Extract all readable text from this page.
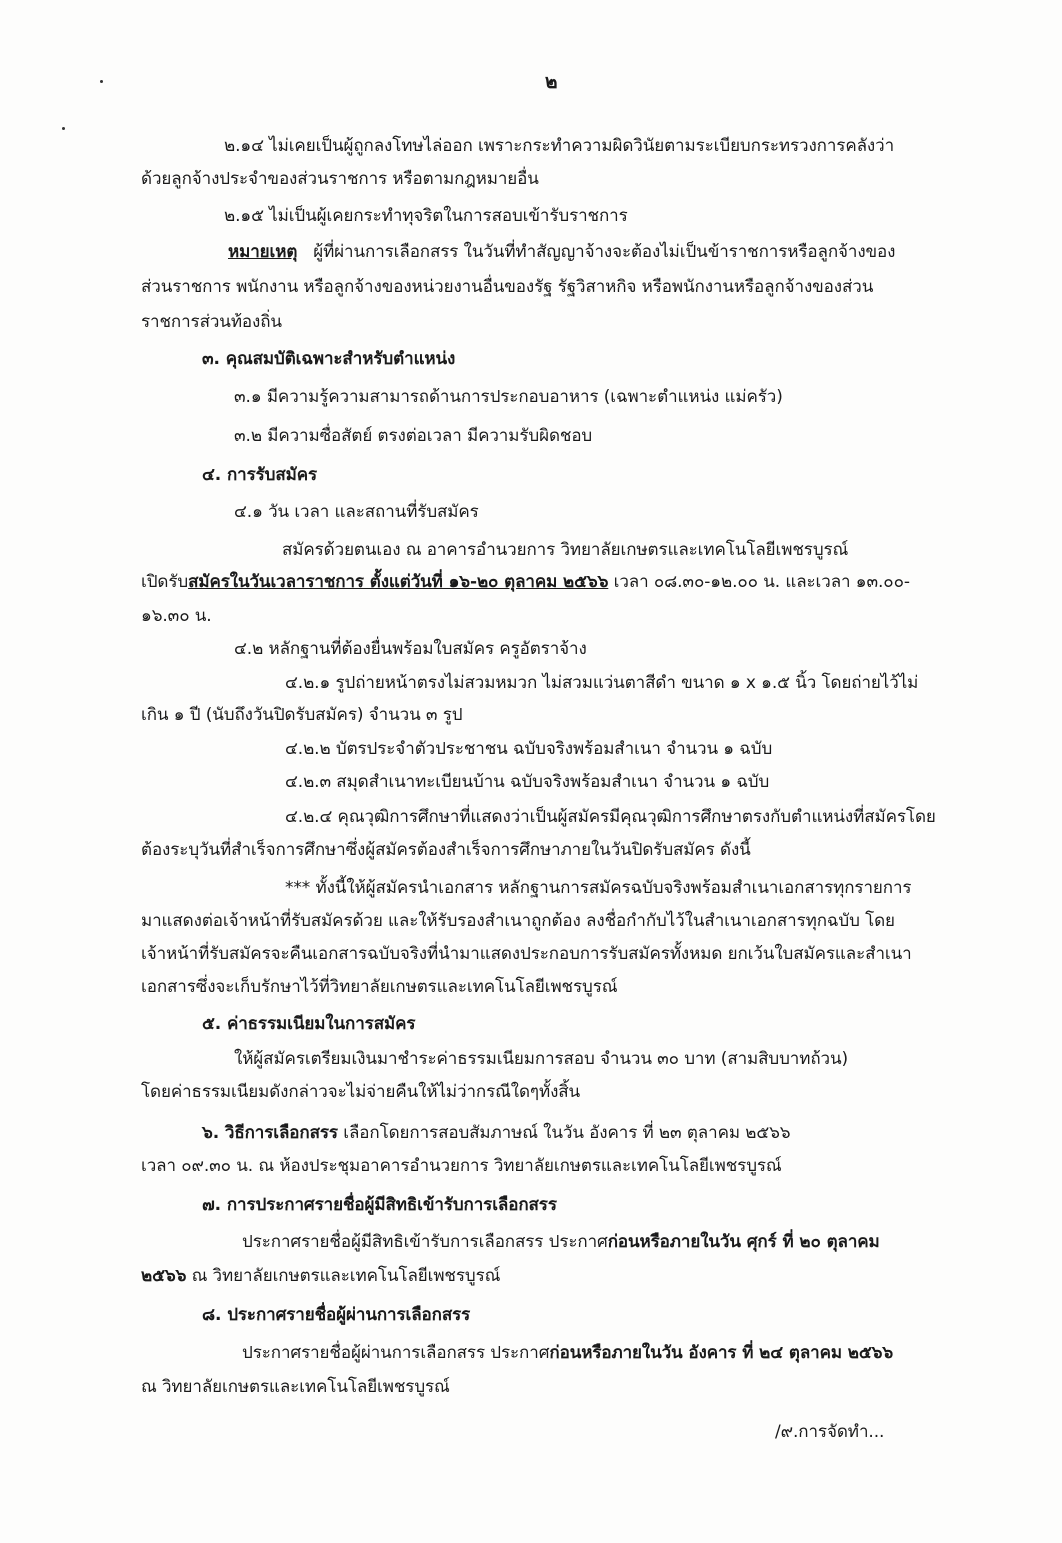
๒
๒.๑๔ ไม่เคยเป็นผู้ถูกลงโทษไล่ออก เพราะกระทำความผิดวินัยตามระเบียบกระทรวงการคลังว่า
ด้วยลูกจ้างประจำของส่วนราชการ หรือตามกฎหมายอื่น
๒.๑๕ ไม่เป็นผู้เคยกระทำทุจริตในการสอบเข้ารับราชการ
หมายเหตุ ผู้ที่ผ่านการเลือกสรร ในวันที่ทำสัญญาจ้างจะต้องไม่เป็นข้าราชการหรือลูกจ้างของ
ส่วนราชการ พนักงาน หรือลูกจ้างของหน่วยงานอื่นของรัฐ รัฐวิสาหกิจ หรือพนักงานหรือลูกจ้างของส่วน
ราชการส่วนท้องถิ่น
๓. คุณสมบัติเฉพาะสำหรับตำแหน่ง
๓.๑ มีความรู้ความสามารถด้านการประกอบอาหาร (เฉพาะตำแหน่ง แม่ครัว)
๓.๒ มีความซื่อสัตย์ ตรงต่อเวลา มีความรับผิดชอบ
๔. การรับสมัคร
๔.๑ วัน เวลา และสถานที่รับสมัคร
สมัครด้วยตนเอง ณ อาคารอำนวยการ วิทยาลัยเกษตรและเทคโนโลยีเพชรบูรณ์
เปิดรับสมัครในวันเวลาราชการ ตั้งแต่วันที่ ๑๖-๒๐ ตุลาคม ๒๕๖๖ เวลา ๐๘.๓๐-๑๒.๐๐ น. และเวลา ๑๓.๐๐-
๑๖.๓๐ น.
๔.๒ หลักฐานที่ต้องยื่นพร้อมใบสมัคร ครูอัตราจ้าง
๔.๒.๑ รูปถ่ายหน้าตรงไม่สวมหมวก ไม่สวมแว่นตาสีดำ ขนาด ๑ x ๑.๕ นิ้ว โดยถ่ายไว้ไม่
เกิน ๑ ปี (นับถึงวันปิดรับสมัคร) จำนวน ๓ รูป
๔.๒.๒ บัตรประจำตัวประชาชน ฉบับจริงพร้อมสำเนา จำนวน ๑ ฉบับ
๔.๒.๓ สมุดสำเนาทะเบียนบ้าน ฉบับจริงพร้อมสำเนา จำนวน ๑ ฉบับ
๔.๒.๔ คุณวุฒิการศึกษาที่แสดงว่าเป็นผู้สมัครมีคุณวุฒิการศึกษาตรงกับตำแหน่งที่สมัครโดย
ต้องระบุวันที่สำเร็จการศึกษาซึ่งผู้สมัครต้องสำเร็จการศึกษาภายในวันปิดรับสมัคร ดังนี้
*** ทั้งนี้ให้ผู้สมัครนำเอกสาร หลักฐานการสมัครฉบับจริงพร้อมสำเนาเอกสารทุกรายการ
มาแสดงต่อเจ้าหน้าที่รับสมัครด้วย และให้รับรองสำเนาถูกต้อง ลงชื่อกำกับไว้ในสำเนาเอกสารทุกฉบับ โดย
เจ้าหน้าที่รับสมัครจะคืนเอกสารฉบับจริงที่นำมาแสดงประกอบการรับสมัครทั้งหมด ยกเว้นใบสมัครและสำเนา
เอกสารซึ่งจะเก็บรักษาไว้ที่วิทยาลัยเกษตรและเทคโนโลยีเพชรบูรณ์
๕. ค่าธรรมเนียมในการสมัคร
ให้ผู้สมัครเตรียมเงินมาชำระค่าธรรมเนียมการสอบ จำนวน ๓๐ บาท (สามสิบบาทถ้วน)
โดยค่าธรรมเนียมดังกล่าวจะไม่จ่ายคืนให้ไม่ว่ากรณีใดๆทั้งสิ้น
๖. วิธีการเลือกสรร เลือกโดยการสอบสัมภาษณ์ ในวัน อังคาร ที่ ๒๓ ตุลาคม ๒๕๖๖
เวลา ๐๙.๓๐ น. ณ ห้องประชุมอาคารอำนวยการ วิทยาลัยเกษตรและเทคโนโลยีเพชรบูรณ์
๗. การประกาศรายชื่อผู้มีสิทธิเข้ารับการเลือกสรร
ประกาศรายชื่อผู้มีสิทธิเข้ารับการเลือกสรร ประกาศก่อนหรือภายในวัน ศุกร์ ที่ ๒๐ ตุลาคม
๒๕๖๖ ณ วิทยาลัยเกษตรและเทคโนโลยีเพชรบูรณ์
๘. ประกาศรายชื่อผู้ผ่านการเลือกสรร
ประกาศรายชื่อผู้ผ่านการเลือกสรร ประกาศก่อนหรือภายในวัน อังคาร ที่ ๒๔ ตุลาคม ๒๕๖๖
ณ วิทยาลัยเกษตรและเทคโนโลยีเพชรบูรณ์
/๙.การจัดทำ...
